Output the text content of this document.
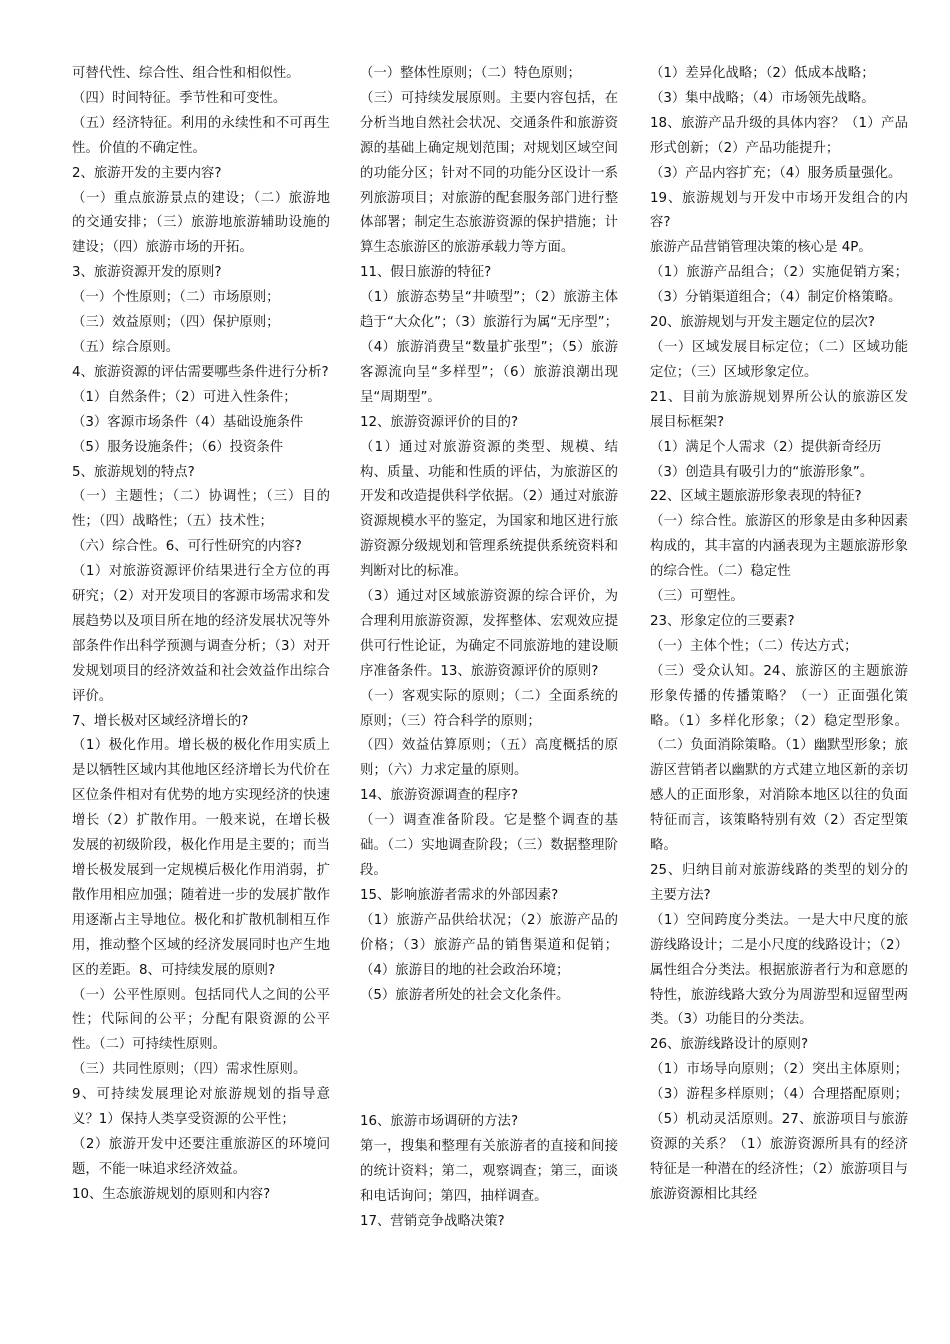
可替代性、综合性、组合性和相似性。

（四）时间特征。季节性和可变性。

（五）经济特征。利用的永续性和不可再生性。价值的不确定性。

2、旅游开发的主要内容?

（一）重点旅游景点的建设；（二）旅游地的交通安排；（三）旅游地旅游辅助设施的建设；（四）旅游市场的开拓。

3、旅游资源开发的原则?

（一）个性原则；（二）市场原则；

（三）效益原则；（四）保护原则；

（五）综合原则。

4、旅游资源的评估需要哪些条件进行分析?

（1）自然条件；（2）可进入性条件；

（3）客源市场条件（4）基础设施条件

（5）服务设施条件；（6）投资条件

5、旅游规划的特点?

（一）主题性；（二）协调性；（三）目的性；（四）战略性；（五）技术性；

（六）综合性。6、可行性研究的内容?

（1）对旅游资源评价结果进行全方位的再研究；（2）对开发项目的客源市场需求和发展趋势以及项目所在地的经济发展状况等外部条件作出科学预测与调查分析；（3）对开发规划项目的经济效益和社会效益作出综合评价。

7、增长极对区域经济增长的?

（1）极化作用。增长极的极化作用实质上是以牺牲区域内其他地区经济增长为代价在区位条件相对有优势的地方实现经济的快速增长（2）扩散作用。一般来说，在增长极发展的初级阶段，极化作用是主要的；而当增长极发展到一定规模后极化作用消弱，扩散作用相应加强；随着进一步的发展扩散作用逐渐占主导地位。极化和扩散机制相互作用，推动整个区域的经济发展同时也产生地区的差距。8、可持续发展的原则?

（一）公平性原则。包括同代人之间的公平性；代际间的公平；分配有限资源的公平性。（二）可持续性原则。

（三）共同性原则；（四）需求性原则。

9、可持续发展理论对旅游规划的指导意义？1）保持人类享受资源的公平性；

（2）旅游开发中还要注重旅游区的环境问题，不能一味追求经济效益。

10、生态旅游规划的原则和内容?

（一）整体性原则；（二）特色原则；

（三）可持续发展原则。主要内容包括，在分析当地自然社会状况、交通条件和旅游资源的基础上确定规划范围；对规划区域空间的功能分区；针对不同的功能分区设计一系列旅游项目；对旅游的配套服务部门进行整体部署；制定生态旅游资源的保护措施；计算生态旅游区的旅游承载力等方面。

11、假日旅游的特征?

（1）旅游态势呈“井喷型”；（2）旅游主体趋于“大众化”；（3）旅游行为属“无序型”；（4）旅游消费呈“数量扩张型”；（5）旅游客源流向呈“多样型”；（6）旅游浪潮出现呈“周期型”。

12、旅游资源评价的目的?

（1）通过对旅游资源的类型、规模、结构、质量、功能和性质的评估，为旅游区的开发和改造提供科学依据。（2）通过对旅游资源规模水平的鉴定，为国家和地区进行旅游资源分级规划和管理系统提供系统资料和判断对比的标准。

（3）通过对区域旅游资源的综合评价，为合理利用旅游资源，发挥整体、宏观效应提供可行性论证，为确定不同旅游地的建设顺序准备条件。13、旅游资源评价的原则?

（一）客观实际的原则；（二）全面系统的原则；（三）符合科学的原则；

（四）效益估算原则；（五）高度概括的原则；（六）力求定量的原则。

14、旅游资源调查的程序?

（一）调查准备阶段。它是整个调查的基础。（二）实地调查阶段；（三）数据整理阶段。

15、影响旅游者需求的外部因素?

（1）旅游产品供给状况；（2）旅游产品的价格；（3）旅游产品的销售渠道和促销；（4）旅游目的地的社会政治环境；

（5）旅游者所处的社会文化条件。

16、旅游市场调研的方法?

第一，搜集和整理有关旅游者的直接和间接的统计资料；第二，观察调查；第三，面谈和电话询问；第四，抽样调查。

17、营销竞争战略决策?

（1）差异化战略；（2）低成本战略；

（3）集中战略；（4）市场领先战略。

18、旅游产品升级的具体内容？（1）产品形式创新；（2）产品功能提升；

（3）产品内容扩充；（4）服务质量强化。

19、旅游规划与开发中市场开发组合的内容?

旅游产品营销管理决策的核心是 4P。

（1）旅游产品组合；（2）实施促销方案；（3）分销渠道组合；（4）制定价格策略。

20、旅游规划与开发主题定位的层次?

（一）区域发展目标定位；（二）区域功能定位；（三）区域形象定位。

21、目前为旅游规划界所公认的旅游区发展目标框架?

（1）满足个人需求（2）提供新奇经历

（3）创造具有吸引力的“旅游形象”。

22、区域主题旅游形象表现的特征?

（一）综合性。旅游区的形象是由多种因素构成的，其丰富的内涵表现为主题旅游形象的综合性。（二）稳定性

（三）可塑性。

23、形象定位的三要素?

（一）主体个性；（二）传达方式；

（三）受众认知。24、旅游区的主题旅游形象传播的传播策略？（一）正面强化策略。（1）多样化形象；（2）稳定型形象。（二）负面消除策略。（1）幽默型形象；旅游区营销者以幽默的方式建立地区新的亲切感人的正面形象，对消除本地区以往的负面特征而言，该策略特别有效（2）否定型策略。

25、归纳目前对旅游线路的类型的划分的主要方法?

（1）空间跨度分类法。一是大中尺度的旅游线路设计；二是小尺度的线路设计；（2）属性组合分类法。根据旅游者行为和意愿的特性，旅游线路大致分为周游型和逗留型两类。（3）功能目的分类法。

26、旅游线路设计的原则?

（1）市场导向原则；（2）突出主体原则；（3）游程多样原则；（4）合理搭配原则；（5）机动灵活原则。27、旅游项目与旅游资源的关系？（1）旅游资源所具有的经济特征是一种潜在的经济性；（2）旅游项目与旅游资源相比其经
